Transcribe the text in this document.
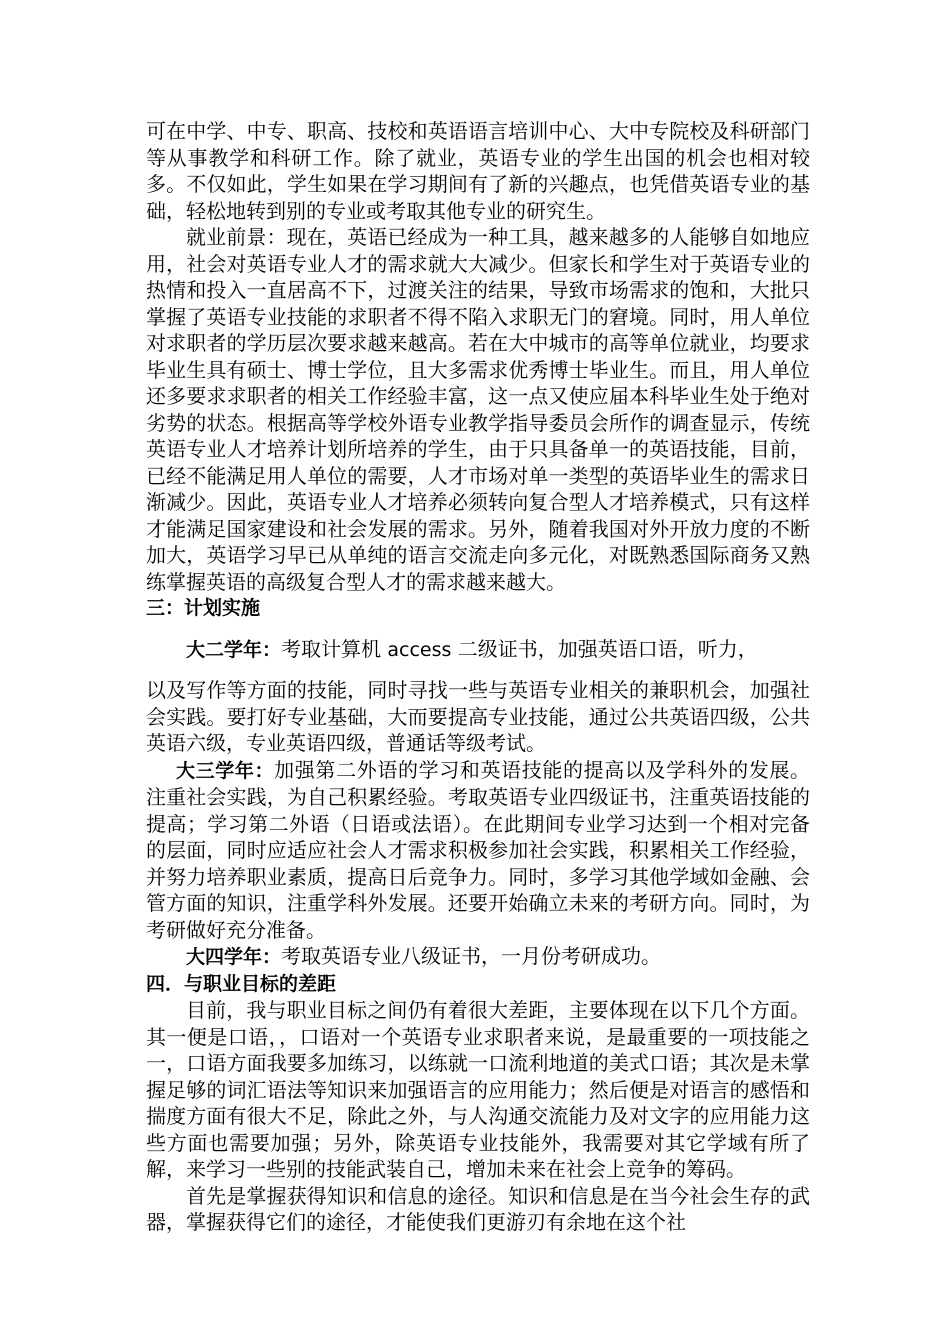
可在中学、中专、职高、技校和英语语言培训中心、大中专院校及科研部门等从事教学和科研工作。除了就业，英语专业的学生出国的机会也相对较多。不仅如此，学生如果在学习期间有了新的兴趣点，也凭借英语专业的基础，轻松地转到别的专业或考取其他专业的研究生。

就业前景：现在，英语已经成为一种工具，越来越多的人能够自如地应用，社会对英语专业人才的需求就大大减少。但家长和学生对于英语专业的热情和投入一直居高不下，过渡关注的结果，导致市场需求的饱和，大批只掌握了英语专业技能的求职者不得不陷入求职无门的窘境。同时，用人单位对求职者的学历层次要求越来越高。若在大中城市的高等单位就业，均要求毕业生具有硕士、博士学位，且大多需求优秀博士毕业生。而且，用人单位还多要求求职者的相关工作经验丰富，这一点又使应届本科毕业生处于绝对劣势的状态。根据高等学校外语专业教学指导委员会所作的调查显示，传统英语专业人才培养计划所培养的学生，由于只具备单一的英语技能，目前，已经不能满足用人单位的需要，人才市场对单一类型的英语毕业生的需求日渐减少。因此，英语专业人才培养必须转向复合型人才培养模式，只有这样才能满足国家建设和社会发展的需求。另外，随着我国对外开放力度的不断加大，英语学习早已从单纯的语言交流走向多元化，对既熟悉国际商务又熟练掌握英语的高级复合型人才的需求越来越大。

三：计划实施

大二学年：考取计算机 access 二级证书，加强英语口语，听力，

以及写作等方面的技能，同时寻找一些与英语专业相关的兼职机会，加强社会实践。要打好专业基础，大而要提高专业技能，通过公共英语四级，公共英语六级，专业英语四级，普通话等级考试。

大三学年：加强第二外语的学习和英语技能的提高以及学科外的发展。注重社会实践，为自己积累经验。考取英语专业四级证书，注重英语技能的提高；学习第二外语（日语或法语）。在此期间专业学习达到一个相对完备的层面，同时应适应社会人才需求积极参加社会实践，积累相关工作经验，并努力培养职业素质，提高日后竞争力。同时，多学习其他学域如金融、会管方面的知识，注重学科外发展。还要开始确立未来的考研方向。同时，为考研做好充分准备。

大四学年：考取英语专业八级证书，一月份考研成功。

四．与职业目标的差距

目前，我与职业目标之间仍有着很大差距，主要体现在以下几个方面。其一便是口语，，口语对一个英语专业求职者来说，是最重要的一项技能之一，口语方面我要多加练习，以练就一口流利地道的美式口语；其次是未掌握足够的词汇语法等知识来加强语言的应用能力；然后便是对语言的感悟和揣度方面有很大不足，除此之外，与人沟通交流能力及对文字的应用能力这些方面也需要加强；另外，除英语专业技能外，我需要对其它学域有所了解，来学习一些别的技能武装自己，增加未来在社会上竞争的筹码。

首先是掌握获得知识和信息的途径。知识和信息是在当今社会生存的武器，掌握获得它们的途径，才能使我们更游刃有余地在这个社
